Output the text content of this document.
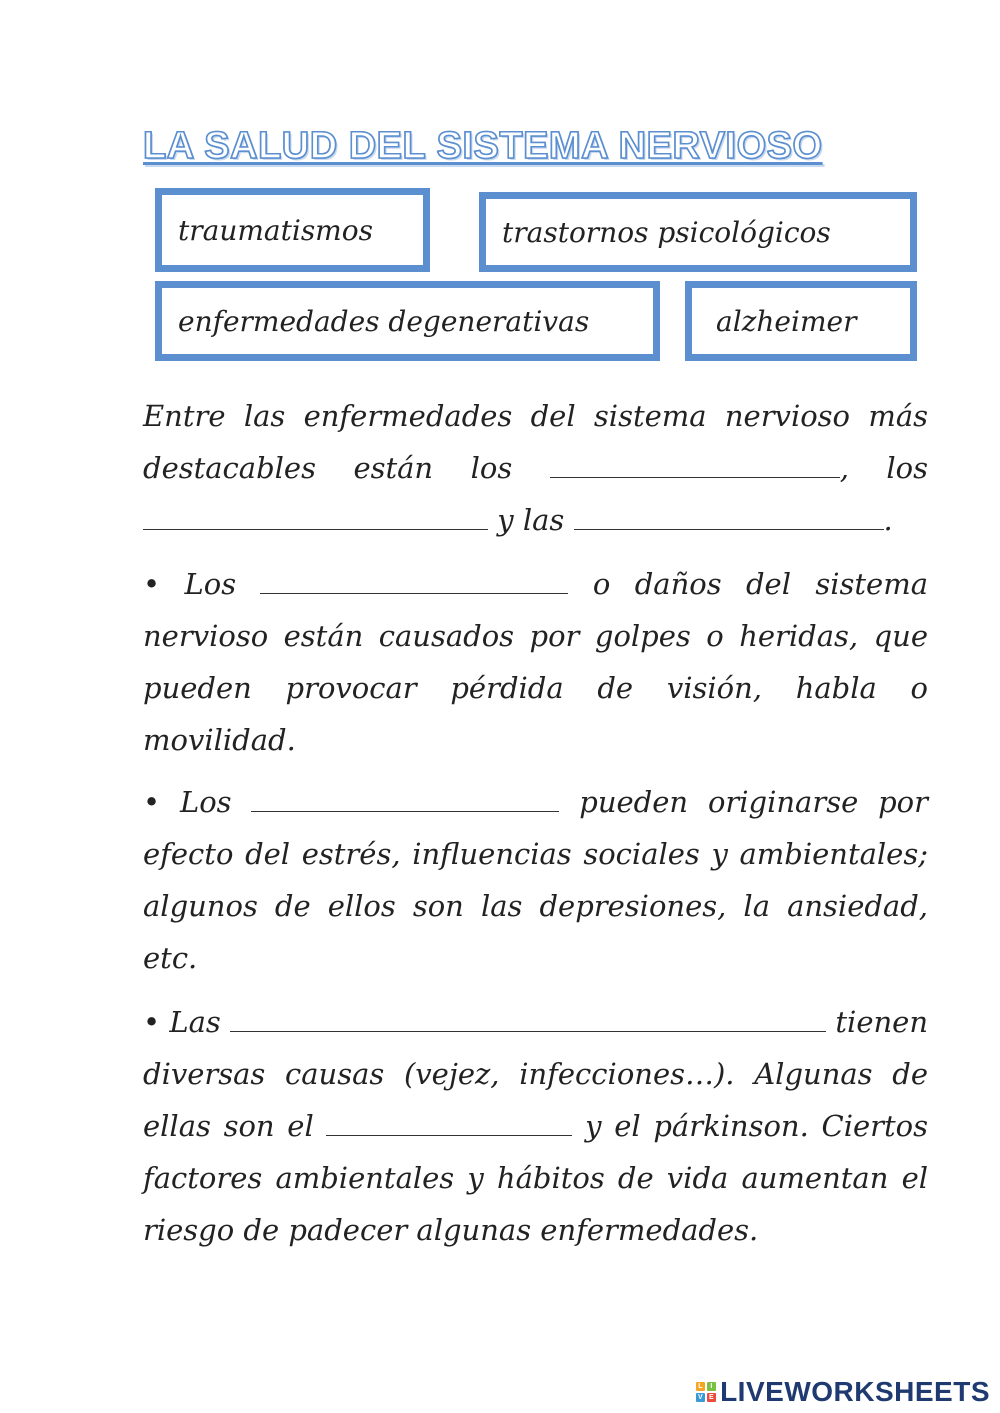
LA SALUD DEL SISTEMA NERVIOSO
traumatismos	trastornos psicológicos
enfermedades degenerativas	alzheimer

Entre las enfermedades del sistema nervioso más destacables están los	, los  y las	.

• Los	o daños del sistema nervioso están causados por golpes o heridas, que pueden provocar pérdida de visión, habla o movilidad.

• Los	pueden originarse por efecto del estrés, influencias sociales y ambientales; algunos de ellos son las depresiones, la ansiedad, etc.

• Las	tienen diversas causas (vejez, infecciones…). Algunas de ellas son el	y el párkinson. Ciertos factores ambientales y hábitos de vida aumentan el riesgo de padecer algunas enfermedades.

L	I
V E LIVEWORKSHEETS
